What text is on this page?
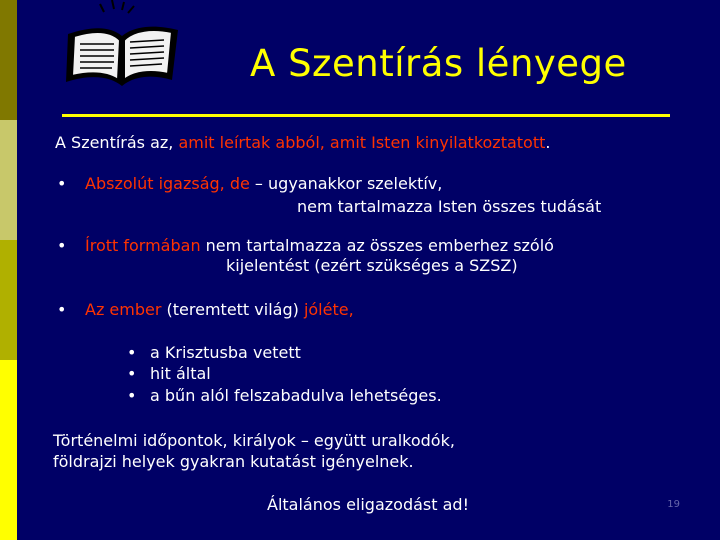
A Szentírás lényege
A Szentírás az, amit leírtak abból, amit Isten kinyilatkoztatott.
• Abszolút igazság, de – ugyanakkor szelektív,
nem tartalmazza Isten összes tudását
• Írott formában nem tartalmazza az összes emberhez szóló
kijelentést (ezért szükséges a SZSZ)
• Az ember (teremtett világ) jóléte,
• a Krisztusba vetett
• hit által
• a bűn alól felszabadulva lehetséges.
Történelmi időpontok, királyok – együtt uralkodók,
földrajzi helyek gyakran kutatást igényelnek.
Általános eligazodást ad!	19
